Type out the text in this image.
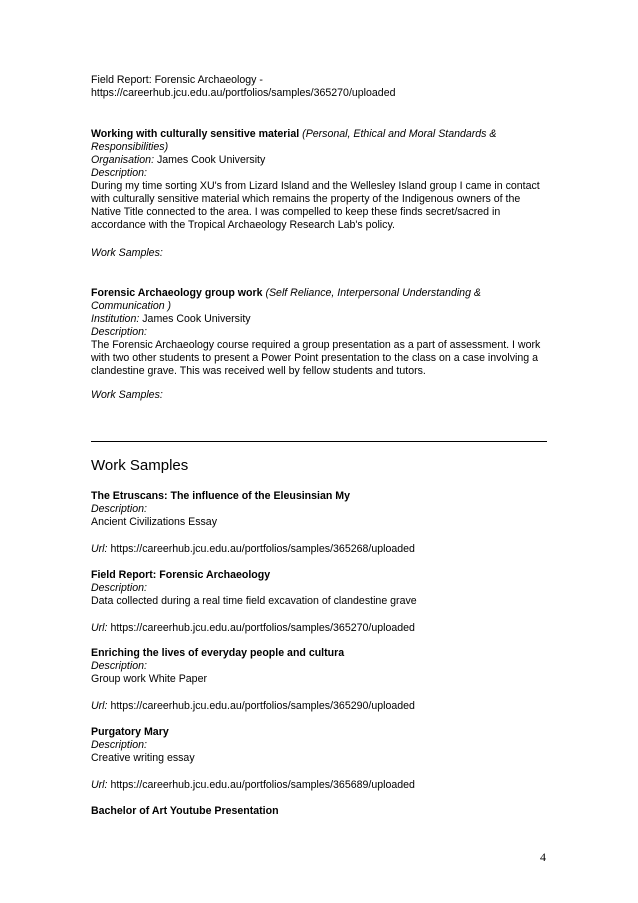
Field Report: Forensic Archaeology -

https://careerhub.jcu.edu.au/portfolios/samples/365270/uploaded

Working with culturally sensitive material (Personal, Ethical and Moral Standards &

Responsibilities)

Organisation: James Cook University

Description:

During my time sorting XU's from Lizard Island and the Wellesley Island group I came in contact

with culturally sensitive material which remains the property of the Indigenous owners of the

Native Title connected to the area. I was compelled to keep these finds secret/sacred in

accordance with the Tropical Archaeology Research Lab's policy.

Work Samples:

Forensic Archaeology group work (Self Reliance, Interpersonal Understanding &

Communication )

Institution: James Cook University

Description:

The Forensic Archaeology course required a group presentation as a part of assessment. I work

with two other students to present a Power Point presentation to the class on a case involving a

clandestine grave. This was received well by fellow students and tutors.

Work Samples:
Work Samples

The Etruscans: The influence of the Eleusinsian My

Description:

Ancient Civilizations Essay

Url: https://careerhub.jcu.edu.au/portfolios/samples/365268/uploaded

Field Report: Forensic Archaeology

Description:

Data collected during a real time field excavation of clandestine grave

Url: https://careerhub.jcu.edu.au/portfolios/samples/365270/uploaded

Enriching the lives of everyday people and cultura

Description:

Group work White Paper

Url: https://careerhub.jcu.edu.au/portfolios/samples/365290/uploaded

Purgatory Mary

Description:

Creative writing essay

Url: https://careerhub.jcu.edu.au/portfolios/samples/365689/uploaded

Bachelor of Art Youtube Presentation
4
